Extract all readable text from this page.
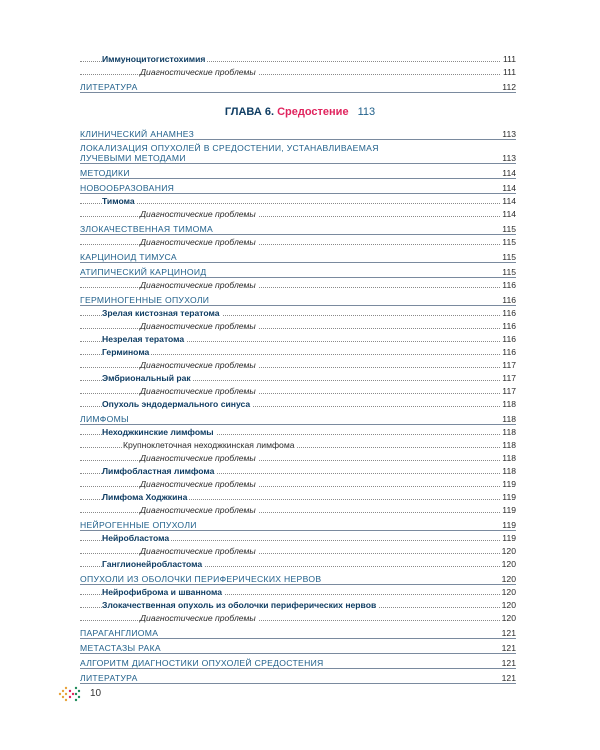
Иммуноцитогистохимия	111
Диагностические проблемы	111
ЛИТЕРАТУРА	112
КЛИНИЧЕСКИЙ АНАМНЕЗ	113
ЛОКАЛИЗАЦИЯ ОПУХОЛЕЙ В СРЕДОСТЕНИИ, УСТАНАВЛИВАЕМАЯ ЛУЧЕВЫМИ МЕТОДАМИ	113
МЕТОДИКИ	114
НОВООБРАЗОВАНИЯ	114
Тимома	114
Диагностические проблемы	114
ЗЛОКАЧЕСТВЕННАЯ ТИМОМА	115
Диагностические проблемы	115
КАРЦИНОИД ТИМУСА	115
АТИПИЧЕСКИЙ КАРЦИНОИД	115
Диагностические проблемы	116
ГЕРМИНОГЕННЫЕ ОПУХОЛИ	116
Зрелая кистозная тератома	116
Диагностические проблемы	116
Незрелая тератома	116
Герминома	116
Диагностические проблемы	117
Эмбриональный рак	117
Диагностические проблемы	117
Опухоль эндодермального синуса	118
ЛИМФОМЫ	118
Неходжкинские лимфомы	118
Крупноклеточная неходжкинская лимфома	118
Диагностические проблемы	118
Лимфобластная лимфома	118
Диагностические проблемы	119
Лимфома Ходжкина	119
Диагностические проблемы	119
НЕЙРОГЕННЫЕ ОПУХОЛИ	119
Нейробластома	119
Диагностические проблемы	120
Ганглионейробластома	120
ОПУХОЛИ ИЗ ОБОЛОЧКИ ПЕРИФЕРИЧЕСКИХ НЕРВОВ	120
Нейрофиброма и шваннома	120
Злокачественная опухоль из оболочки периферических нервов	120
Диагностические проблемы	120
ПАРАГАНГЛИОМА	121
МЕТАСТАЗЫ РАКА	121
АЛГОРИТМ ДИАГНОСТИКИ ОПУХОЛЕЙ СРЕДОСТЕНИЯ	121
ЛИТЕРАТУРА	121
ГЛАВА 6. Средостение 113
10
